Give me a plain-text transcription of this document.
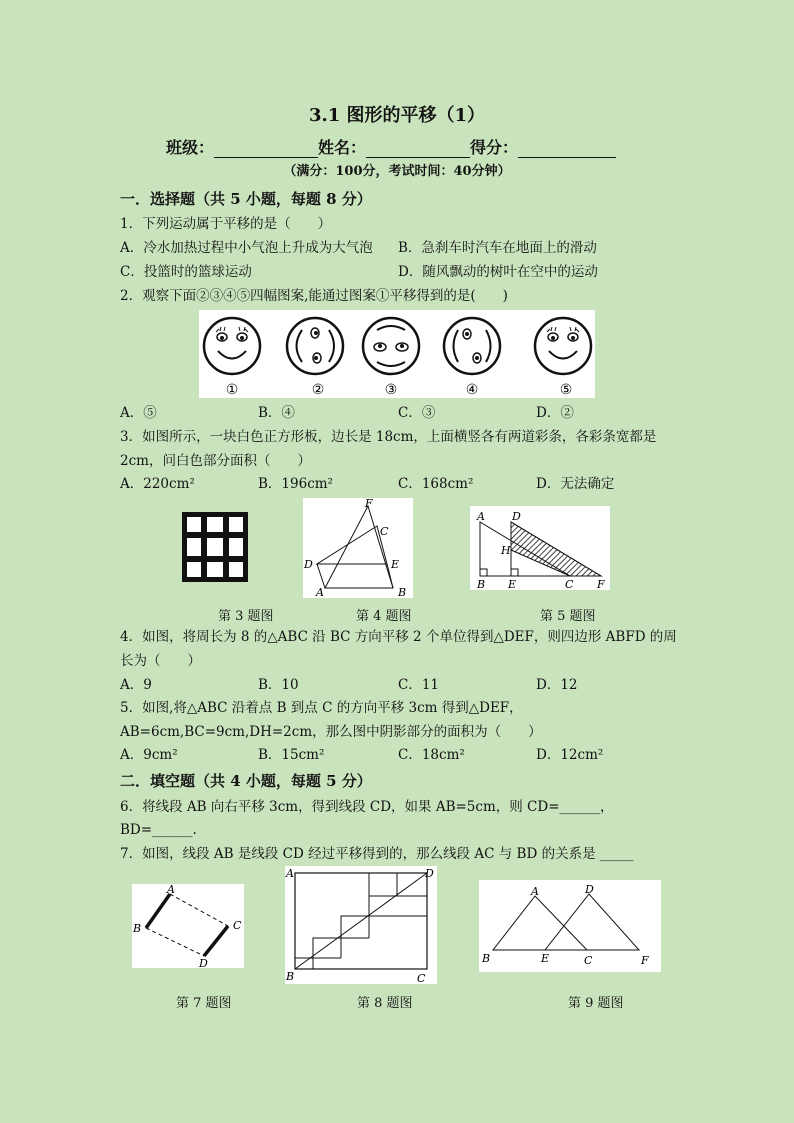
3.1 图形的平移（1）
班级：	姓名：	得分：
（满分：100分，考试时间：40分钟）
一．选择题（共 5 小题，每题 8 分）
1．下列运动属于平移的是（　　）
A．冷水加热过程中小气泡上升成为大气泡 B．急刹车时汽车在地面上的滑动
C．投篮时的篮球运动	D．随风飘动的树叶在空中的运动
2．观察下面②③④⑤四幅图案,能通过图案①平移得到的是(　　)
①	②	③	④	⑤
A．⑤	B．④	C．③	D．②
3．如图所示，一块白色正方形板，边长是 18cm，上面横竖各有两道彩条，各彩条宽都是
2cm，问白色部分面积（　　）
A．220cm²	B．196cm²	C．168cm²	D．无法确定
F
C
D	E
A	B
A D
H
B E	C F
第 3 题图	第 4 题图	第 5 题图
4．如图，将周长为 8 的△ABC 沿 BC 方向平移 2 个单位得到△DEF，则四边形 ABFD 的周
长为（　　）
A．9	B．10	C．11	D．12
5．如图,将△ABC 沿着点 B 到点 C 的方向平移 3cm 得到△DEF，
AB=6cm,BC=9cm,DH=2cm，那么图中阴影部分的面积为（　　）
A．9cm²	B．15cm²	C．18cm²	D．12cm²
二．填空题（共 4 小题，每题 5 分）
6．将线段 AB 向右平移 3cm，得到线段 CD，如果 AB=5cm，则 CD=______，
BD=______.
7．如图，线段 AB 是线段 CD 经过平移得到的，那么线段 AC 与 BD 的关系是 _____
A
B	C
D
A	D
B	C
A	D
B	E	C	F
第 7 题图	第 8 题图	第 9 题图
